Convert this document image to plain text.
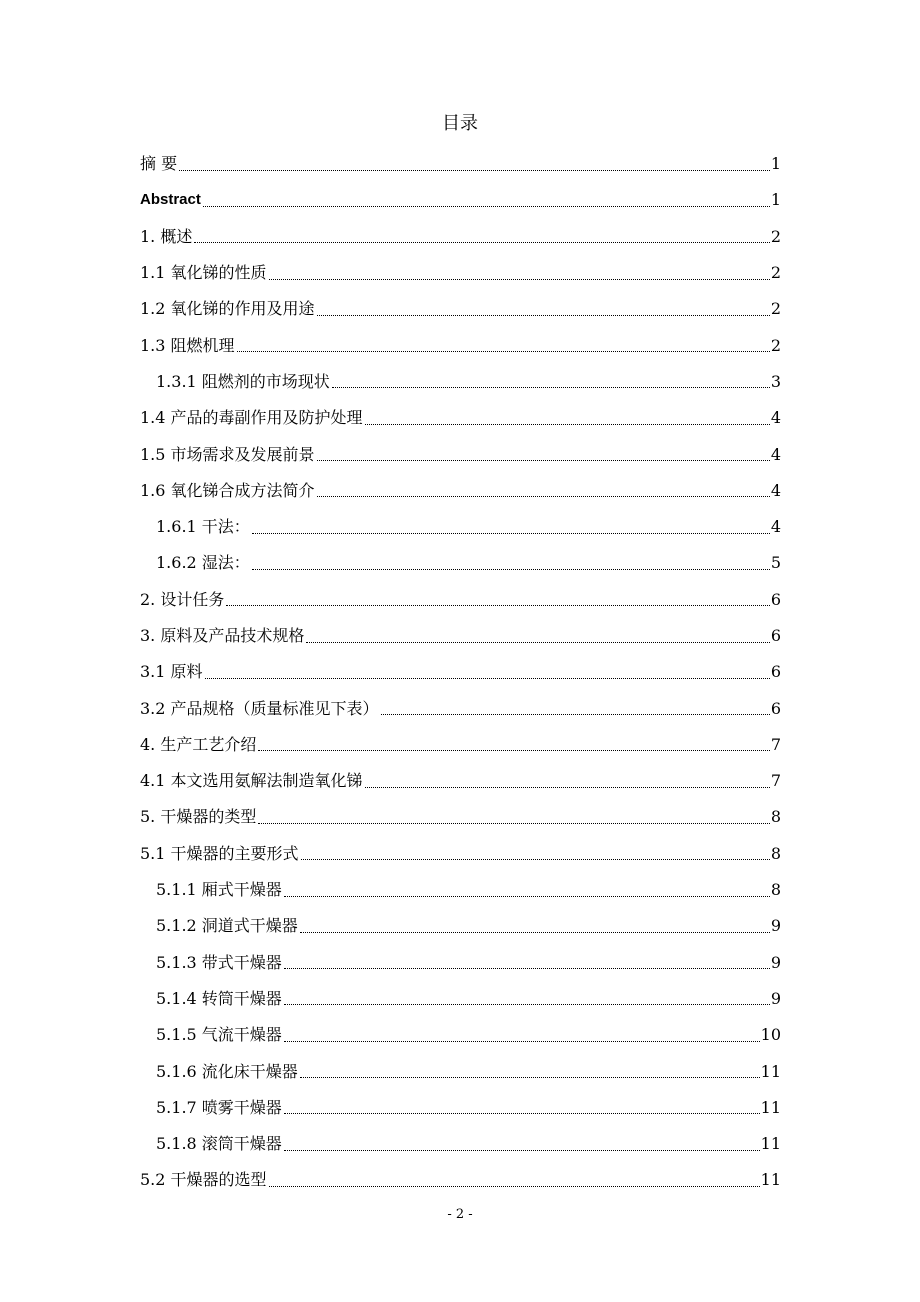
目录
摘 要	1
Abstract	1
1. 概述	2
1.1 氧化锑的性质	2
1.2 氧化锑的作用及用途	2
1.3 阻燃机理	2
1.3.1 阻燃剂的市场现状	3
1.4 产品的毒副作用及防护处理	4
1.5 市场需求及发展前景	4
1.6 氧化锑合成方法简介	4
1.6.1 干法：	4
1.6.2 湿法：	5
2. 设计任务	6
3. 原料及产品技术规格	6
3.1 原料	6
3.2 产品规格（质量标准见下表）	6
4. 生产工艺介绍	7
4.1 本文选用氨解法制造氧化锑	7
5. 干燥器的类型	8
5.1 干燥器的主要形式	8
5.1.1 厢式干燥器	8
5.1.2 洞道式干燥器	9
5.1.3 带式干燥器	9
5.1.4 转筒干燥器	9
5.1.5 气流干燥器	10
5.1.6 流化床干燥器	11
5.1.7 喷雾干燥器	11
5.1.8 滚筒干燥器	11
5.2 干燥器的选型	11
- 2 -
